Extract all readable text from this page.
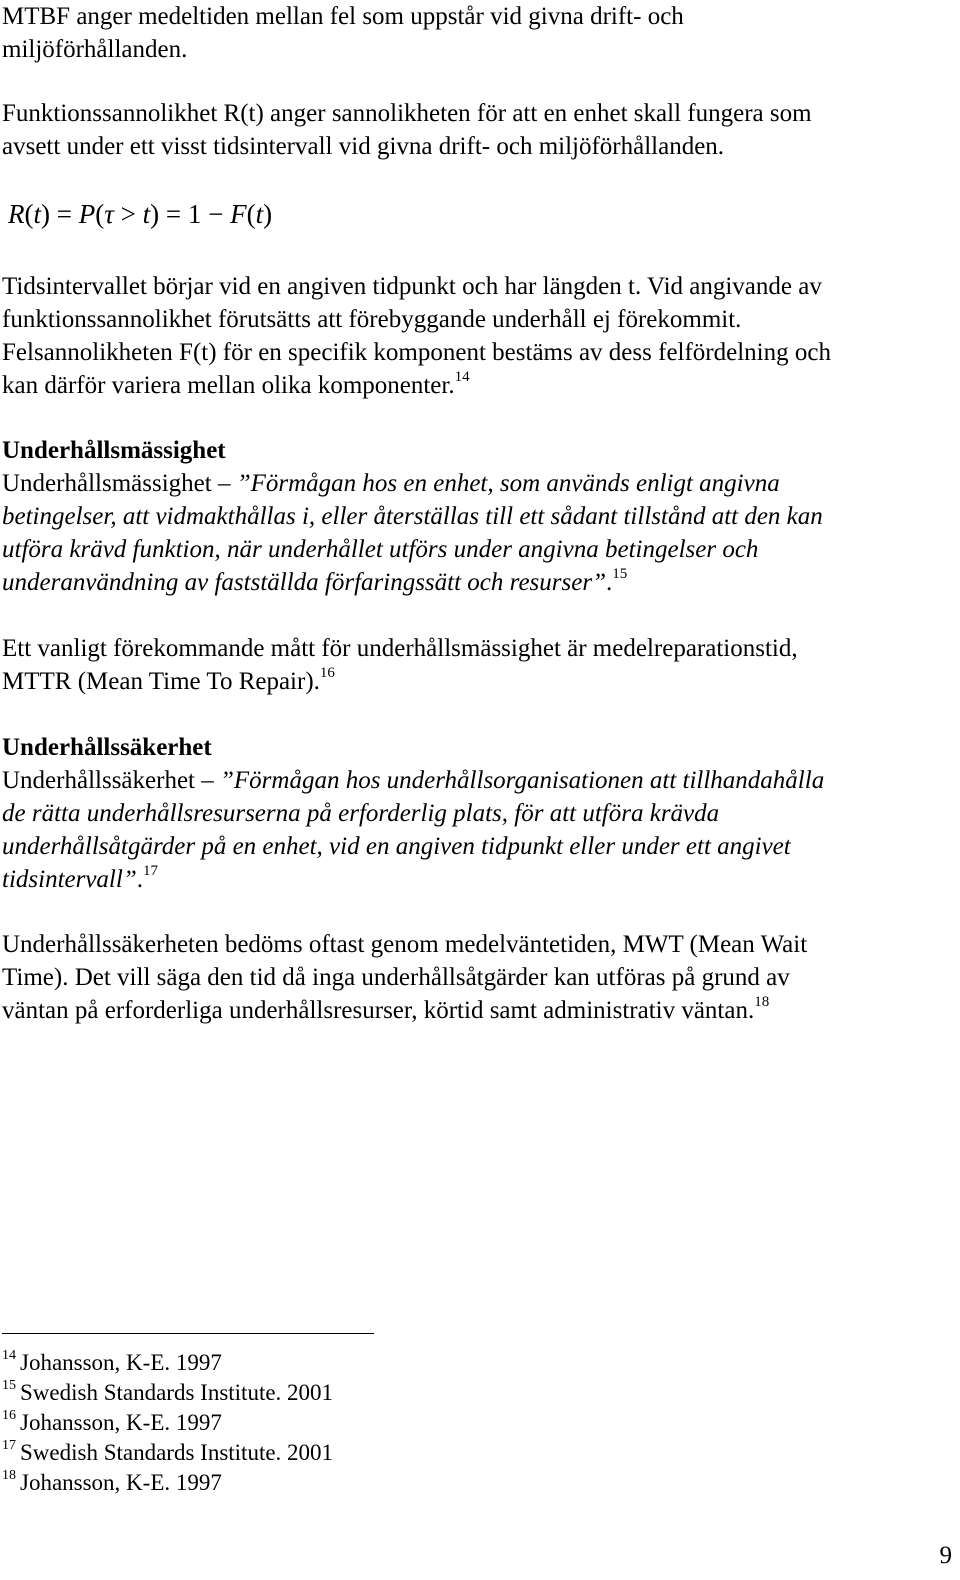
MTBF anger medeltiden mellan fel som uppstår vid givna drift- och
miljöförhållanden.

Funktionssannolikhet R(t) anger sannolikheten för att en enhet skall fungera som
avsett under ett visst tidsintervall vid givna drift- och miljöförhållanden.

R(t) = P(τ > t) = 1 − F(t)

Tidsintervallet börjar vid en angiven tidpunkt och har längden t. Vid angivande av
funktionssannolikhet förutsätts att förebyggande underhåll ej förekommit.
Felsannolikheten F(t) för en specifik komponent bestäms av dess felfördelning och
kan därför variera mellan olika komponenter.$^{14}$

Underhållsmässighet
Underhållsmässighet – ”Förmågan hos en enhet, som används enligt angivna
betingelser, att vidmakthållas i, eller återställas till ett sådant tillstånd att den kan
utföra krävd funktion, när underhållet utförs under angivna betingelser och
underanvändning av fastställda förfaringssätt och resurser”.$^{15}$

Ett vanligt förekommande mått för underhållsmässighet är medelreparationstid,
MTTR (Mean Time To Repair).$^{16}$

Underhållssäkerhet
Underhållssäkerhet – ”Förmågan hos underhållsorganisationen att tillhandahålla
de rätta underhållsresurserna på erforderlig plats, för att utföra krävda
underhållsåtgärder på en enhet, vid en angiven tidpunkt eller under ett angivet
tidsintervall”.$^{17}$

Underhållssäkerheten bedöms oftast genom medelväntetiden, MWT (Mean Wait
Time). Det vill säga den tid då inga underhållsåtgärder kan utföras på grund av
väntan på erforderliga underhållsresurser, körtid samt administrativ väntan.$^{18}$

$^{14}$ Johansson, K-E. 1997
$^{15}$ Swedish Standards Institute. 2001
$^{16}$ Johansson, K-E. 1997
$^{17}$ Swedish Standards Institute. 2001
$^{18}$ Johansson, K-E. 1997
9
